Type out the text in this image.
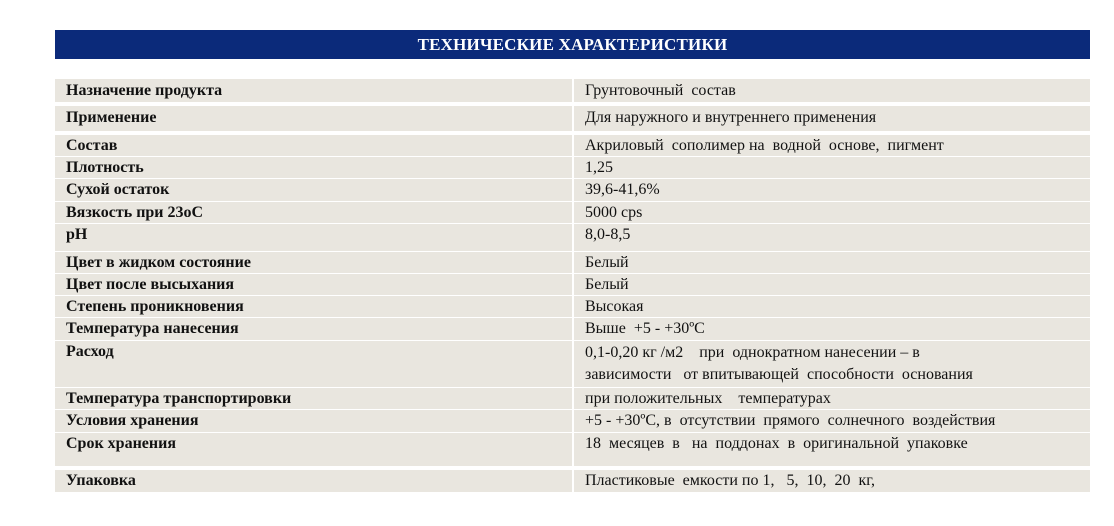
ТЕХНИЧЕСКИЕ ХАРАКТЕРИСТИКИ
Назначение продукта	Грунтовочный  состав
Применение	Для наружного и внутреннего применения
Состав	Акриловый  сополимер на  водной  основе,  пигмент
Плотность	1,25
Сухой остаток	39,6-41,6%
Вязкость при 23оС	5000 cps
pH	8,0-8,5
Цвет в жидком состояние	Белый
Цвет после высыхания	Белый
Степень проникновения	Высокая
Температура нанесения	Выше  +5 - +30ºС
Расход	0,1-0,20 кг /м2    при  однократном нанесении – в
зависимости   от впитывающей  способности  основания
Температура транспортировки	при положительных    температурах
Условия хранения	+5 - +30ºС, в  отсутствии  прямого  солнечного  воздействия
Срок хранения	18  месяцев  в   на  поддонах  в  оригинальной  упаковке
Упаковка	Пластиковые  емкости по 1,   5,  10,  20  кг,
